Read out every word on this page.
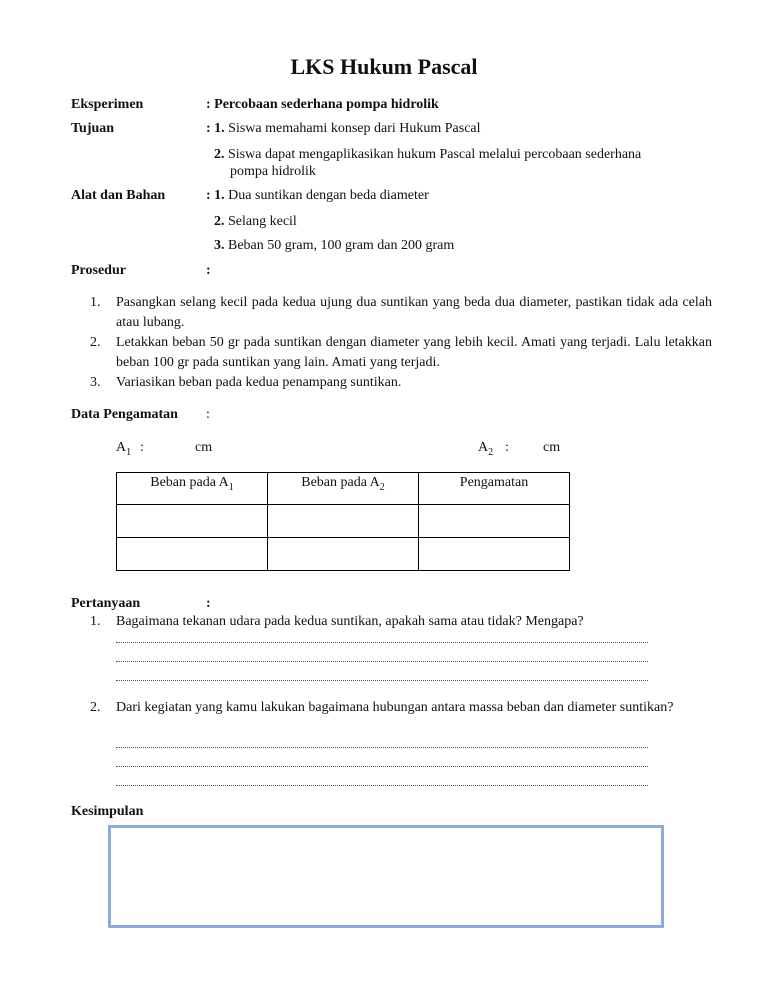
LKS Hukum Pascal
Eksperimen	: Percobaan sederhana pompa hidrolik
Tujuan	: 1. Siswa memahami konsep dari Hukum Pascal
2. Siswa dapat mengaplikasikan hukum Pascal melalui percobaan sederhana
pompa hidrolik
Alat dan Bahan	: 1. Dua suntikan dengan beda diameter
2. Selang kecil
3. Beban 50 gram, 100 gram dan 200 gram
Prosedur	:
1. Pasangkan selang kecil pada kedua ujung dua suntikan yang beda dua diameter, pastikan tidak ada celah atau lubang.
2. Letakkan beban 50 gr pada suntikan dengan diameter yang lebih kecil. Amati yang terjadi. Lalu letakkan beban 100 gr pada suntikan yang lain. Amati yang terjadi.
3. Variasikan beban pada kedua penampang suntikan.
Data Pengamatan :
$A_1$ :	cm	$A_2$ : cm
Beban pada $A_1$	Beban pada $A_2$	Pengamatan

Pertanyaan	:
1. Bagaimana tekanan udara pada kedua suntikan, apakah sama atau tidak? Mengapa?
2. Dari kegiatan yang kamu lakukan bagaimana hubungan antara massa beban dan diameter suntikan?
Kesimpulan
